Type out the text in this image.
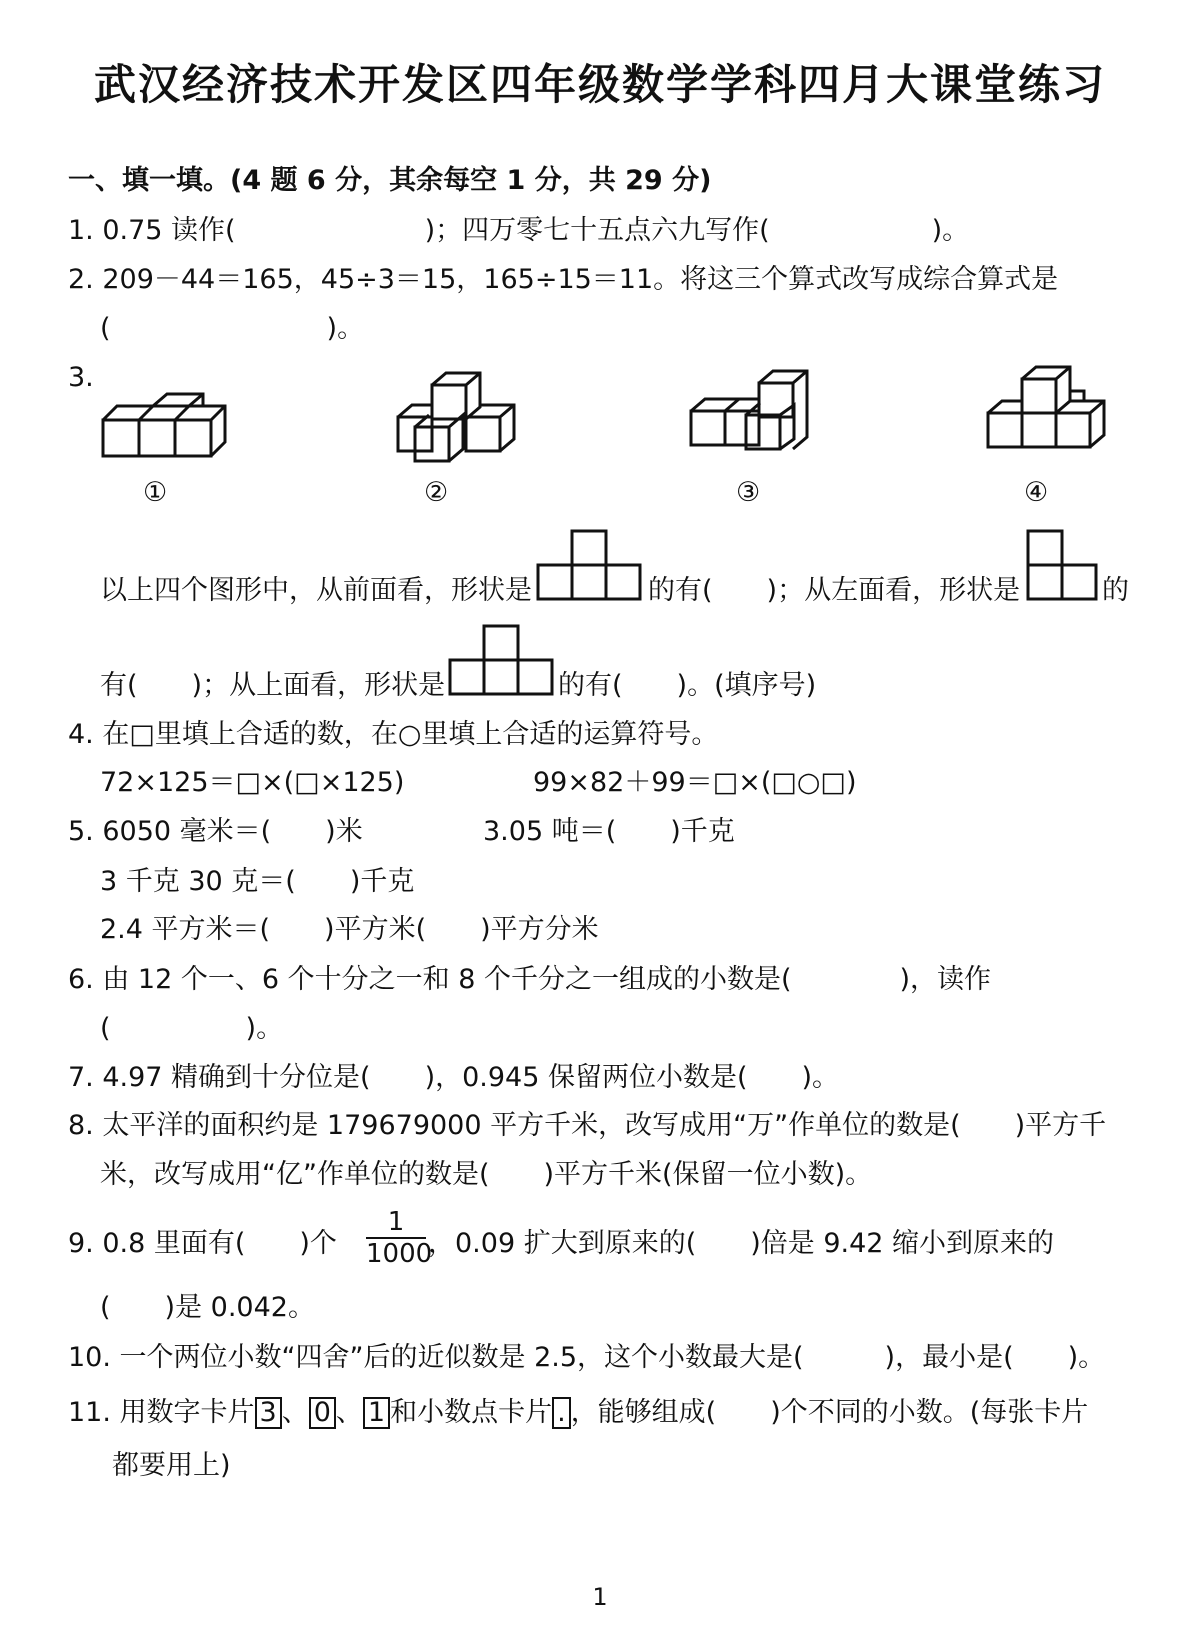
武汉经济技术开发区四年级数学学科四月大课堂练习
一、填一填。(4 题 6 分，其余每空 1 分，共 29 分)
1. 0.75 读作(　　　　　　　)；四万零七十五点六九写作(　　　　　　)。
2. 209－44＝165，45÷3＝15，165÷15＝11。将这三个算式改写成综合算式是
(　　　　　　　　)。
3.
①	②	③	④
以上四个图形中，从前面看，形状是	的有(　　)；从左面看，形状是	的
有(　　)；从上面看，形状是	的有(　　)。(填序号)
4. 在□里填上合适的数，在○里填上合适的运算符号。
72×125＝□×(□×125)	99×82＋99＝□×(□○□)
5. 6050 毫米＝(　　)米	3.05 吨＝(　　)千克
3 千克 30 克＝(　　)千克
2.4 平方米＝(　　)平方米(　　)平方分米
6. 由 12 个一、6 个十分之一和 8 个千分之一组成的小数是(　　　　)，读作
(　　　　　)。
7. 4.97 精确到十分位是(　　)，0.945 保留两位小数是(　　)。
8. 太平洋的面积约是 179679000 平方千米，改写成用“万”作单位的数是(　　)平方千
米，改写成用“亿”作单位的数是(　　)平方千米(保留一位小数)。
9. 0.8 里面有(　　)个 $\frac{1}{1000}$ ，0.09 扩大到原来的(　　)倍是 9.42 缩小到原来的
(　　)是 0.042。
10. 一个两位小数“四舍”后的近似数是 2.5，这个小数最大是(　　　)，最小是(　　)。
11. 用数字卡片 3 、 0 、 1 和小数点卡片 . ，能够组成(　　)个不同的小数。(每张卡片
都要用上)
1
